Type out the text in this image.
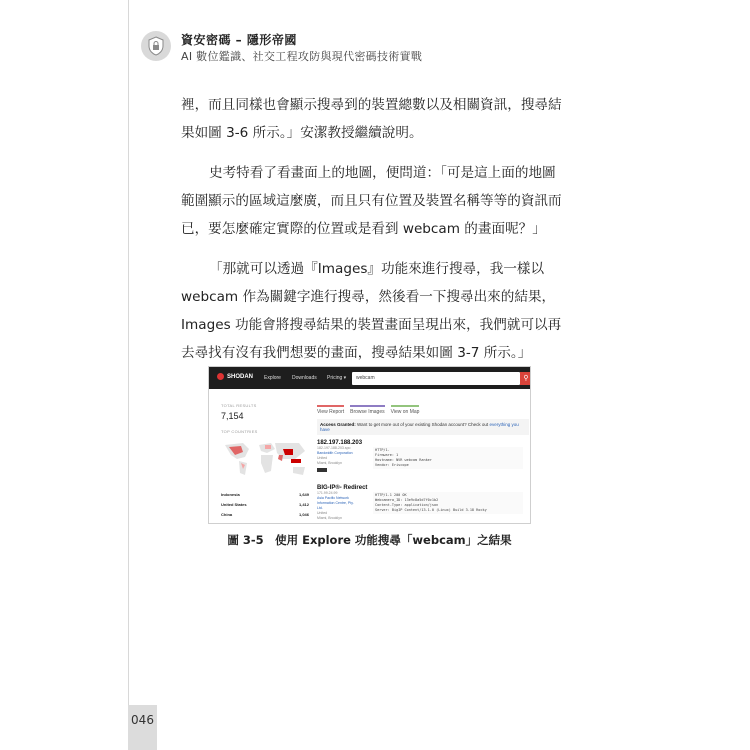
資安密碼 – 隱形帝國
AI 數位鑑識、社交工程攻防與現代密碼技術實戰
裡，而且同樣也會顯示搜尋到的裝置總數以及相關資訊，搜尋結
果如圖 3-6 所示。」安潔教授繼續說明。
史考特看了看畫面上的地圖，便問道：「可是這上面的地圖
範圍顯示的區域這麼廣，而且只有位置及裝置名稱等等的資訊而
已，要怎麼確定實際的位置或是看到 webcam 的畫面呢？」
「那就可以透過『Images』功能來進行搜尋，我一樣以
webcam 作為關鍵字進行搜尋，然後看一下搜尋出來的結果，
Images 功能會將搜尋結果的裝置畫面呈現出來，我們就可以再
去尋找有沒有我們想要的畫面，搜尋結果如圖 3-7 所示。」
SHODAN Explore Downloads Pricing ▾	webcam	⚲
TOTAL RESULTS
7,154
TOP COUNTRIES
Indonesia	1,649
United States	1,412
China	1,046
View Report Browse Images View on Map
Access Granted: Want to get more out of your existing Shodan account? Check out everything you have
182.197.188.203
182-197-188-203.spo
Bandwidth Corporation
United
Miami, Brooklyn
HTTP/1.
Firmware: 1
Hostname: NVR webcam Ranker
Vendor: Eriscope
BIG-IP®- Redirect
171.99.24.99
Asia Pacific Network
Information Centre, Pty.
Ltd.
United
Miami, Brooklyn
HTTP/1.1 200 OK
Webcamera_ID: 13e9c8a5d7f0c1b2
Content-Type: application/json
Server: BigIP Content/13.1.0 (Linux) Build 3.18 Rocky
圖 3-5　使用 Explore 功能搜尋「webcam」之結果
046
